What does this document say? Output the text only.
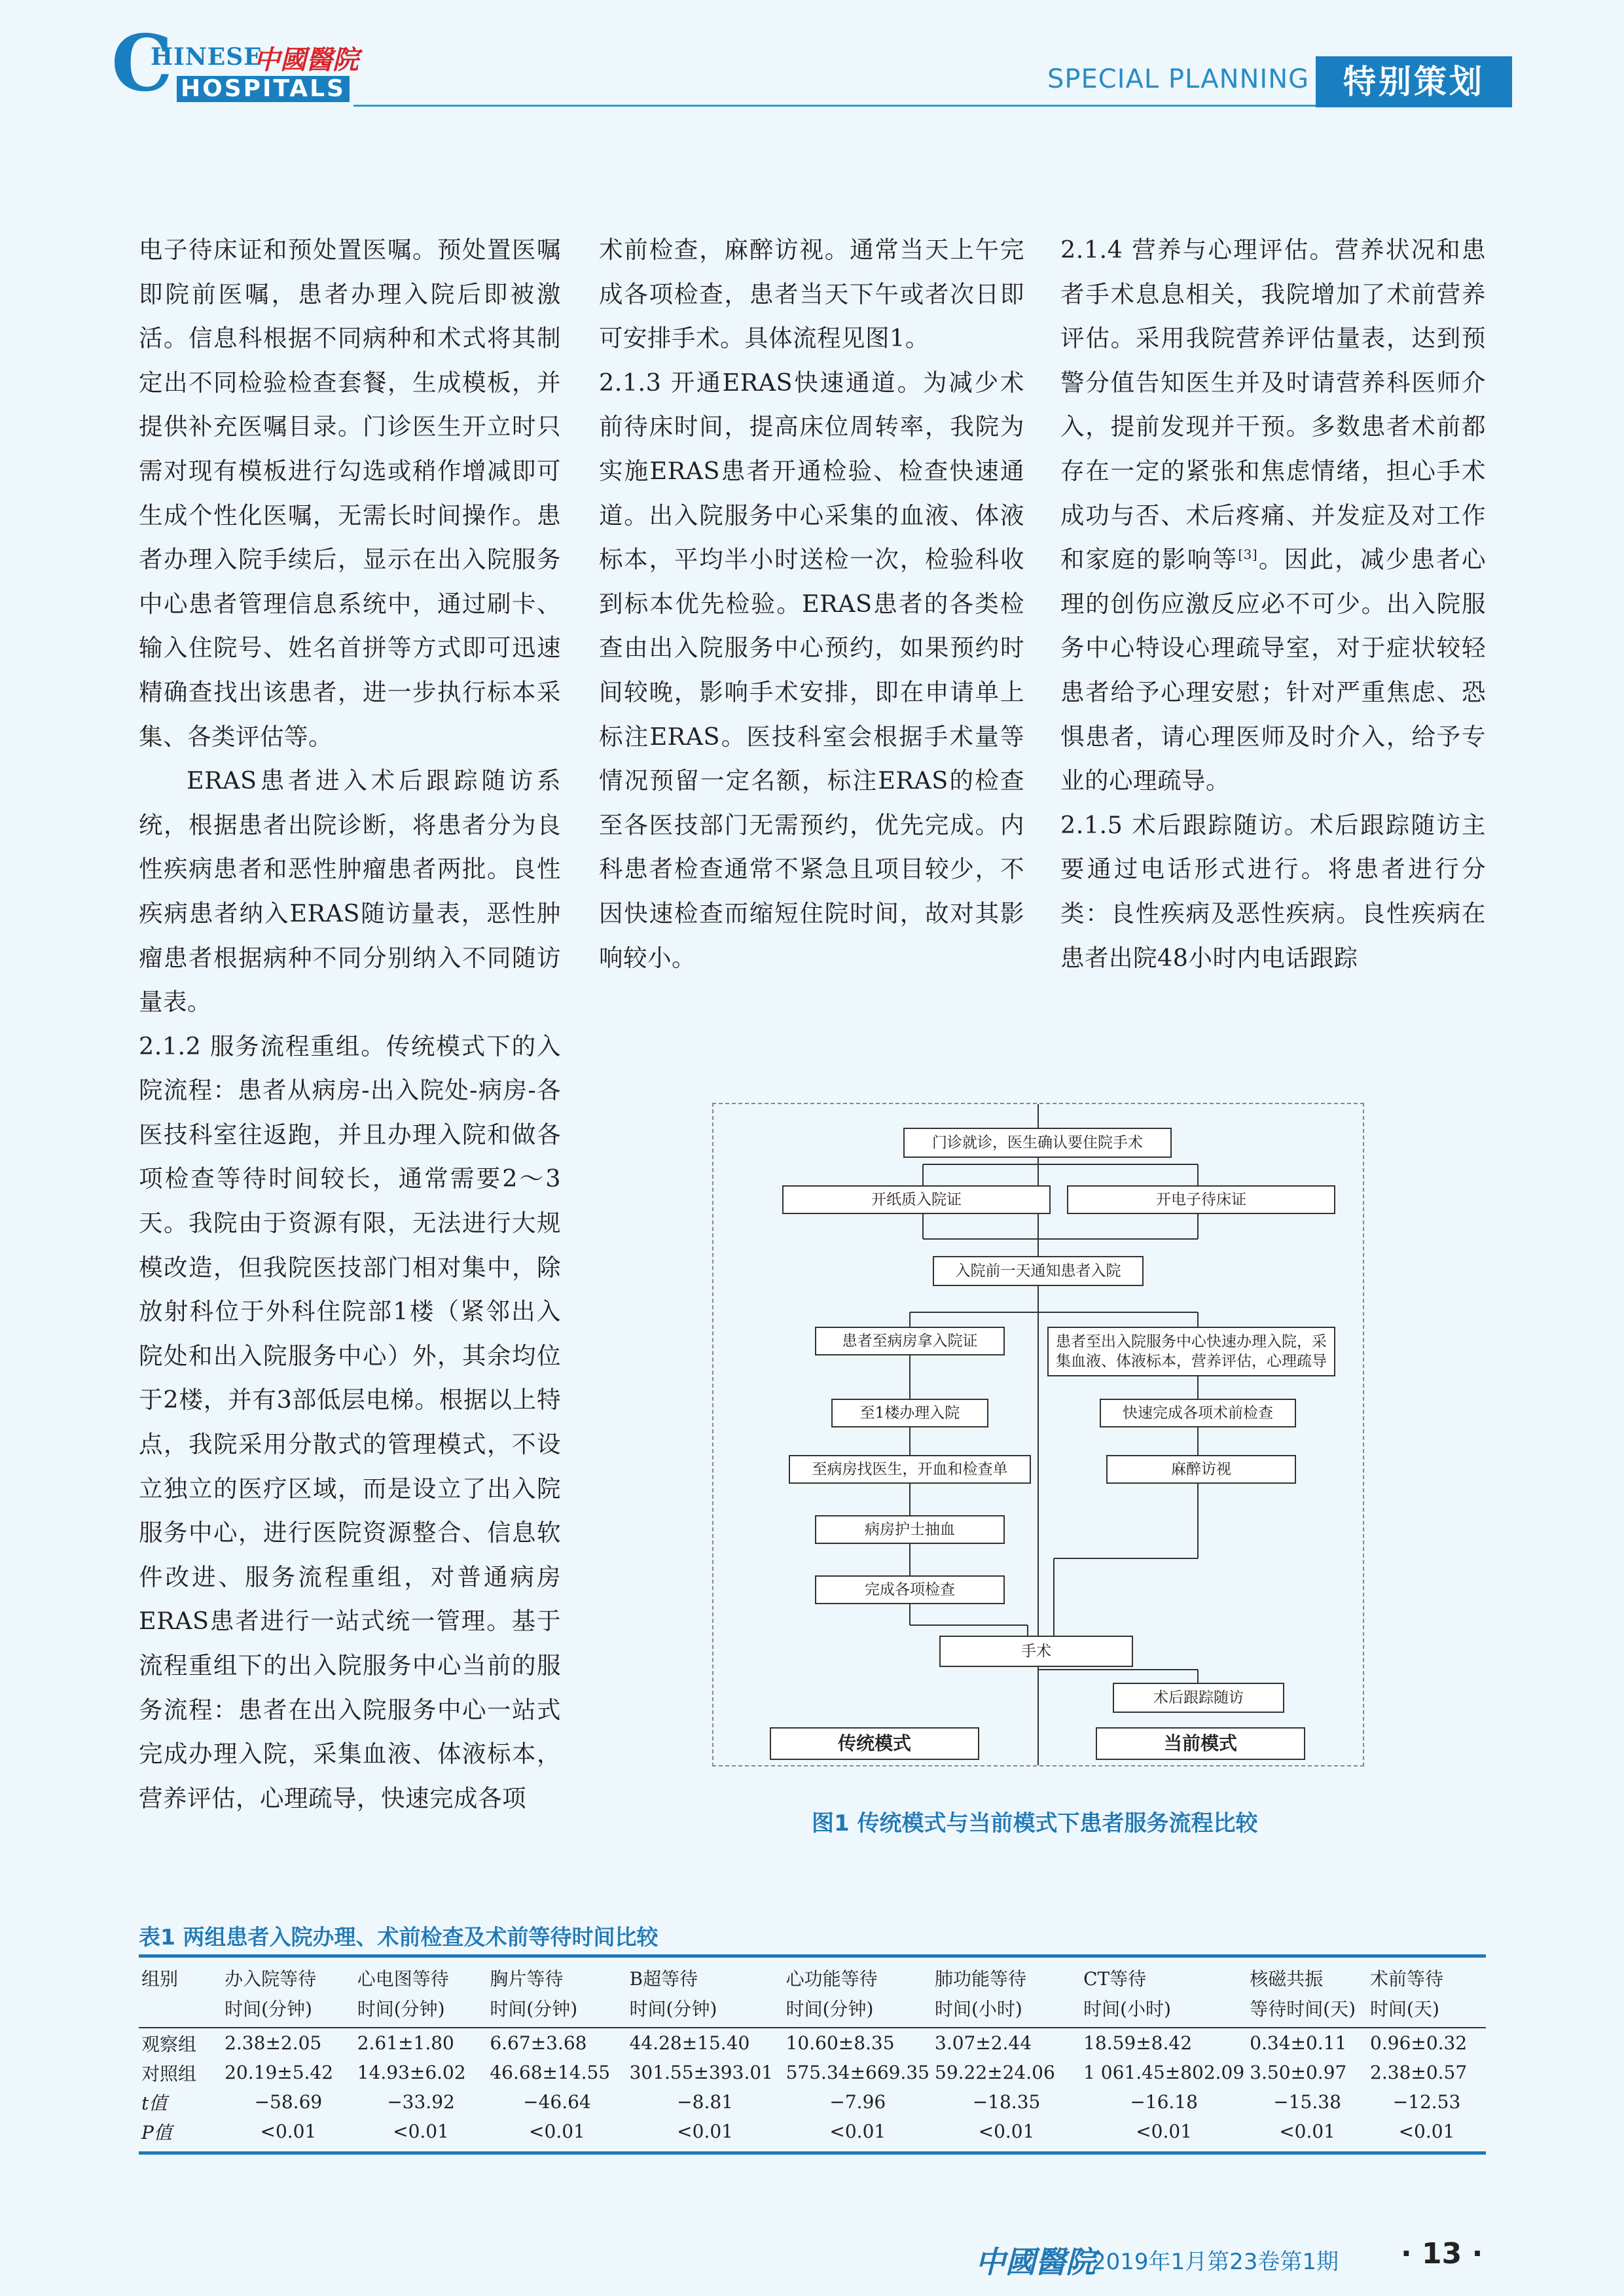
C
HINESE
中國醫院
HOSPITALS	SPECIAL PLANNING	特别策划

电子待床证和预处置医嘱。预处置医嘱即院前医嘱，患者办理入院后即被激活。信息科根据不同病种和术式将其制定出不同检验检查套餐，生成模板，并提供补充医嘱目录。门诊医生开立时只需对现有模板进行勾选或稍作增减即可生成个性化医嘱，无需长时间操作。患者办理入院手续后，显示在出入院服务中心患者管理信息系统中，通过刷卡、输入住院号、姓名首拼等方式即可迅速精确查找出该患者，进一步执行标本采集、各类评估等。

ERAS患者进入术后跟踪随访系统，根据患者出院诊断，将患者分为良性疾病患者和恶性肿瘤患者两批。良性疾病患者纳入ERAS随访量表，恶性肿瘤患者根据病种不同分别纳入不同随访量表。

2.1.2 服务流程重组。传统模式下的入院流程：患者从病房-出入院处-病房-各医技科室往返跑，并且办理入院和做各项检查等待时间较长，通常需要2～3天。我院由于资源有限，无法进行大规模改造，但我院医技部门相对集中，除放射科位于外科住院部1楼（紧邻出入院处和出入院服务中心）外，其余均位于2楼，并有3部低层电梯。根据以上特点，我院采用分散式的管理模式，不设立独立的医疗区域，而是设立了出入院服务中心，进行医院资源整合、信息软件改进、服务流程重组，对普通病房ERAS患者进行一站式统一管理。基于流程重组下的出入院服务中心当前的服务流程：患者在出入院服务中心一站式完成办理入院，采集血液、体液标本，营养评估，心理疏导，快速完成各项

术前检查，麻醉访视。通常当天上午完成各项检查，患者当天下午或者次日即可安排手术。具体流程见图1。

2.1.3 开通ERAS快速通道。为减少术前待床时间，提高床位周转率，我院为实施ERAS患者开通检验、检查快速通道。出入院服务中心采集的血液、体液标本，平均半小时送检一次，检验科收到标本优先检验。ERAS患者的各类检查由出入院服务中心预约，如果预约时间较晚，影响手术安排，即在申请单上标注ERAS。医技科室会根据手术量等情况预留一定名额，标注ERAS的检查至各医技部门无需预约，优先完成。内科患者检查通常不紧急且项目较少，不因快速检查而缩短住院时间，故对其影响较小。

2.1.4 营养与心理评估。营养状况和患者手术息息相关，我院增加了术前营养评估。采用我院营养评估量表，达到预警分值告知医生并及时请营养科医师介入，提前发现并干预。多数患者术前都存在一定的紧张和焦虑情绪，担心手术成功与否、术后疼痛、并发症及对工作和家庭的影响等[3]。因此，减少患者心理的创伤应激反应必不可少。出入院服务中心特设心理疏导室，对于症状较轻患者给予心理安慰；针对严重焦虑、恐惧患者，请心理医师及时介入，给予专业的心理疏导。

2.1.5 术后跟踪随访。术后跟踪随访主要通过电话形式进行。将患者进行分类：良性疾病及恶性疾病。良性疾病在患者出院48小时内电话跟踪

门诊就诊，医生确认要住院手术
开纸质入院证	开电子待床证
入院前一天通知患者入院
患者至病房拿入院证	患者至出入院服务中心快速办理入院，采集血液、体液标本，营养评估，心理疏导
至1楼办理入院	快速完成各项术前检查
至病房找医生，开血和检查单	麻醉访视
病房护士抽血
完成各项检查
手术
术后跟踪随访
传统模式	当前模式
图1 传统模式与当前模式下患者服务流程比较
表1 两组患者入院办理、术前检查及术前等待时间比较
组别	办入院等待	心电图等待	胸片等待	B超等待	心功能等待	肺功能等待	CT等待	核磁共振	术前等待
	时间(分钟)	时间(分钟)	时间(分钟)	时间(分钟)	时间(分钟)	时间(小时)	时间(小时)	等待时间(天)	时间(天)
观察组	2.38±2.05	2.61±1.80	6.67±3.68	44.28±15.40	10.60±8.35	3.07±2.44	18.59±8.42	0.34±0.11	0.96±0.32
对照组	20.19±5.42	14.93±6.02	46.68±14.55	301.55±393.01	575.34±669.35	59.22±24.06	1 061.45±802.09	3.50±0.97	2.38±0.57
t值	−58.69	−33.92	−46.64	−8.81	−7.96	−18.35	−16.18	−15.38	−12.53
P值	<0.01	<0.01	<0.01	<0.01	<0.01	<0.01	<0.01	<0.01	<0.01
中國醫院
2019年1月第23卷第1期 · 13 ·
